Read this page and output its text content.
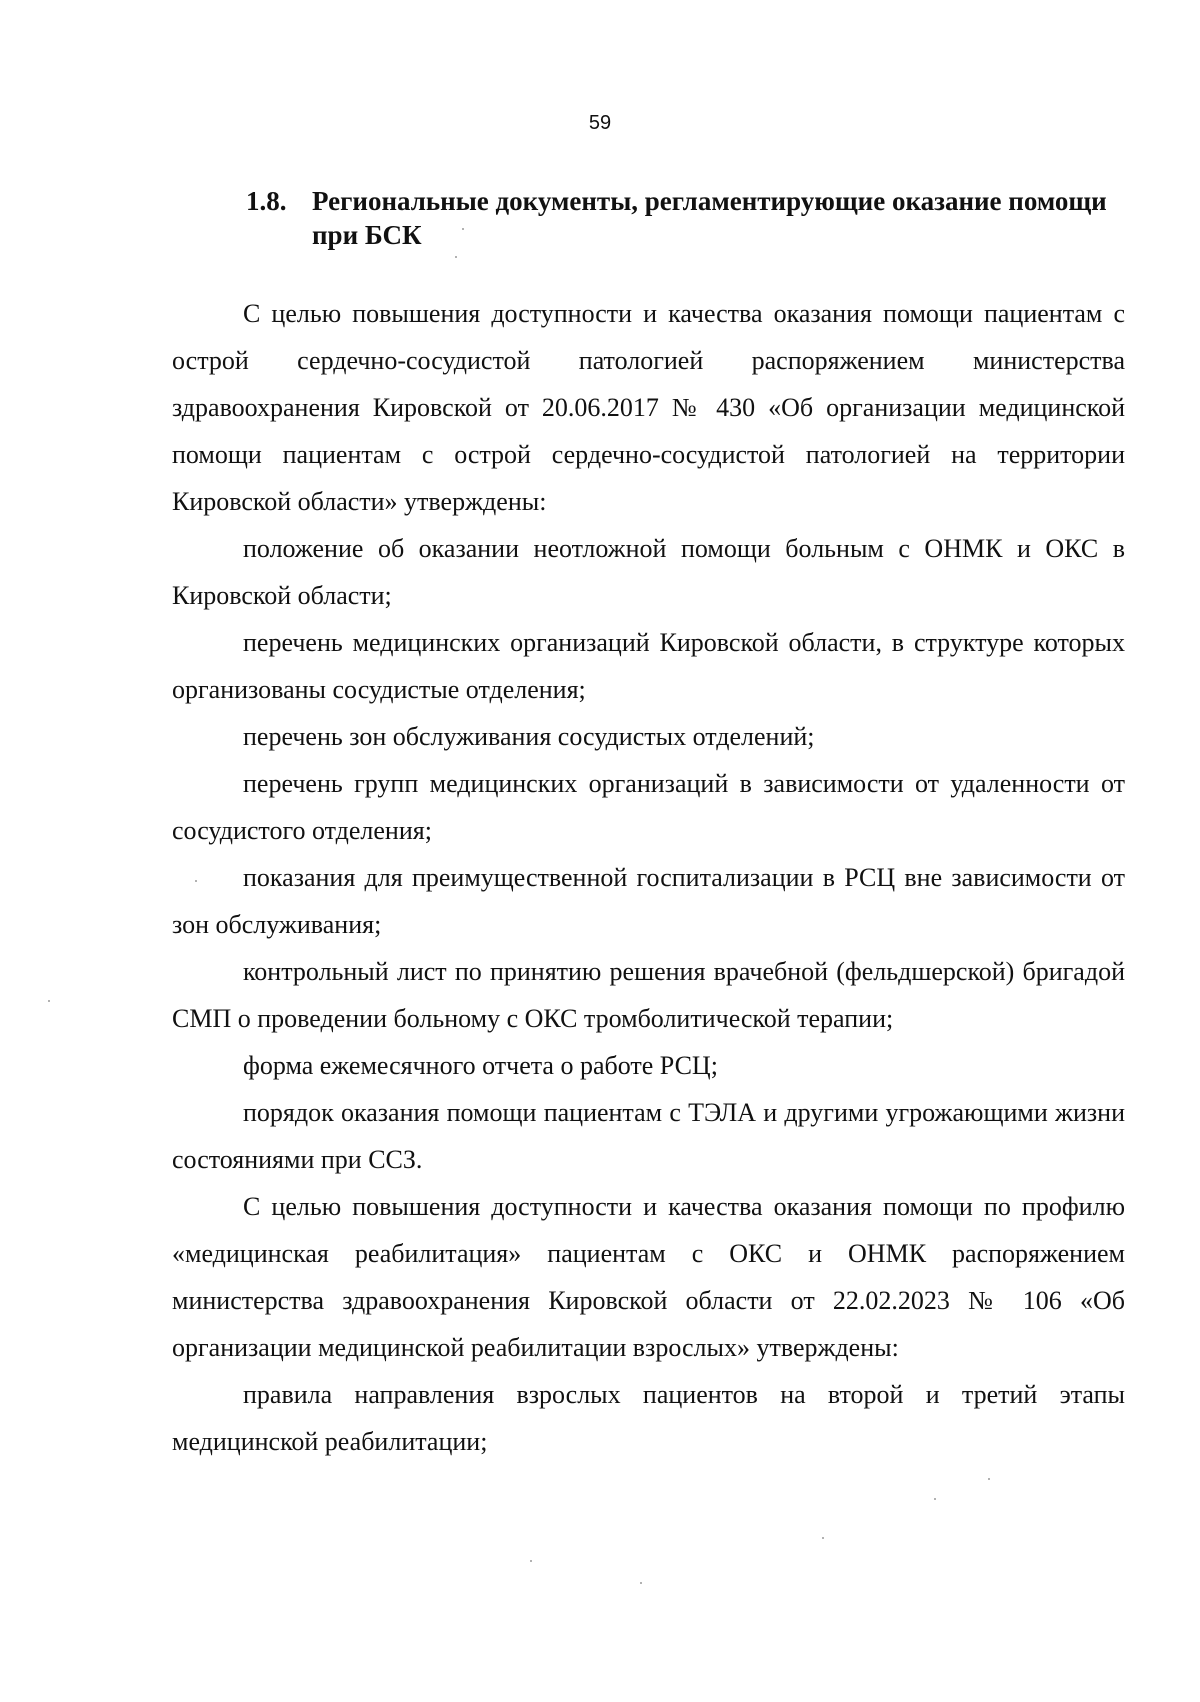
59
1.8. Региональные документы, регламентирующие оказание помощи при БСК

С целью повышения доступности и качества оказания помощи пациентам с острой сердечно-сосудистой патологией распоряжением министерства здравоохранения Кировской от 20.06.2017 № 430 «Об организации медицинской помощи пациентам с острой сердечно-сосудистой патологией на территории Кировской области» утверждены:

положение об оказании неотложной помощи больным с ОНМК и ОКС в Кировской области;

перечень медицинских организаций Кировской области, в структуре которых организованы сосудистые отделения;

перечень зон обслуживания сосудистых отделений;

перечень групп медицинских организаций в зависимости от удаленности от сосудистого отделения;

показания для преимущественной госпитализации в РСЦ вне зависимости от зон обслуживания;

контрольный лист по принятию решения врачебной (фельдшерской) бригадой СМП о проведении больному с ОКС тромболитической терапии;

форма ежемесячного отчета о работе РСЦ;

порядок оказания помощи пациентам с ТЭЛА и другими угрожающими жизни состояниями при ССЗ.

С целью повышения доступности и качества оказания помощи по профилю «медицинская реабилитация» пациентам с ОКС и ОНМК распоряжением министерства здравоохранения Кировской области от 22.02.2023 № 106 «Об организации медицинской реабилитации взрослых» утверждены:

правила направления взрослых пациентов на второй и третий этапы медицинской реабилитации;
